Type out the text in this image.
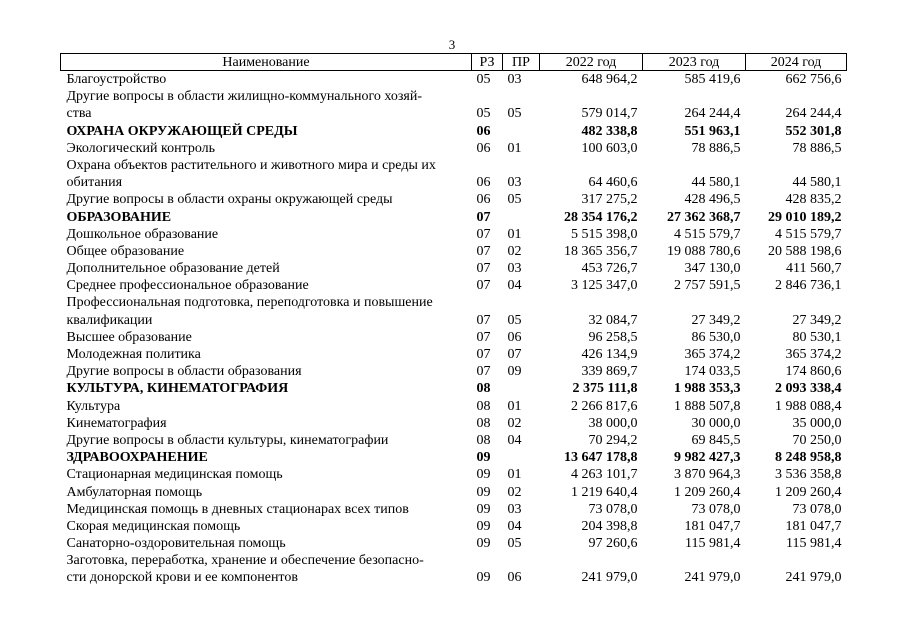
3
Наименование	РЗ	ПР	2022 год	2023 год	2024 год
Благоустройство	05	03	648 964,2	585 419,6	662 756,6
Другие вопросы в области жилищно-коммунального хозяй-					
ства	05	05	579 014,7	264 244,4	264 244,4
ОХРАНА ОКРУЖАЮЩЕЙ СРЕДЫ	06		482 338,8	551 963,1	552 301,8
Экологический контроль	06	01	100 603,0	78 886,5	78 886,5
Охрана объектов растительного и животного мира и среды их					
обитания	06	03	64 460,6	44 580,1	44 580,1
Другие вопросы в области охраны окружающей среды	06	05	317 275,2	428 496,5	428 835,2
ОБРАЗОВАНИЕ	07		28 354 176,2	27 362 368,7	29 010 189,2
Дошкольное образование	07	01	5 515 398,0	4 515 579,7	4 515 579,7
Общее образование	07	02	18 365 356,7	19 088 780,6	20 588 198,6
Дополнительное образование детей	07	03	453 726,7	347 130,0	411 560,7
Среднее профессиональное образование	07	04	3 125 347,0	2 757 591,5	2 846 736,1
Профессиональная подготовка, переподготовка и повышение					
квалификации	07	05	32 084,7	27 349,2	27 349,2
Высшее образование	07	06	96 258,5	86 530,0	80 530,1
Молодежная политика	07	07	426 134,9	365 374,2	365 374,2
Другие вопросы в области образования	07	09	339 869,7	174 033,5	174 860,6
КУЛЬТУРА, КИНЕМАТОГРАФИЯ	08		2 375 111,8	1 988 353,3	2 093 338,4
Культура	08	01	2 266 817,6	1 888 507,8	1 988 088,4
Кинематография	08	02	38 000,0	30 000,0	35 000,0
Другие вопросы в области культуры, кинематографии	08	04	70 294,2	69 845,5	70 250,0
ЗДРАВООХРАНЕНИЕ	09		13 647 178,8	9 982 427,3	8 248 958,8
Стационарная медицинская помощь	09	01	4 263 101,7	3 870 964,3	3 536 358,8
Амбулаторная помощь	09	02	1 219 640,4	1 209 260,4	1 209 260,4
Медицинская помощь в дневных стационарах всех типов	09	03	73 078,0	73 078,0	73 078,0
Скорая медицинская помощь	09	04	204 398,8	181 047,7	181 047,7
Санаторно-оздоровительная помощь	09	05	97 260,6	115 981,4	115 981,4
Заготовка, переработка, хранение и обеспечение безопасно-					
сти донорской крови и ее компонентов	09	06	241 979,0	241 979,0	241 979,0
